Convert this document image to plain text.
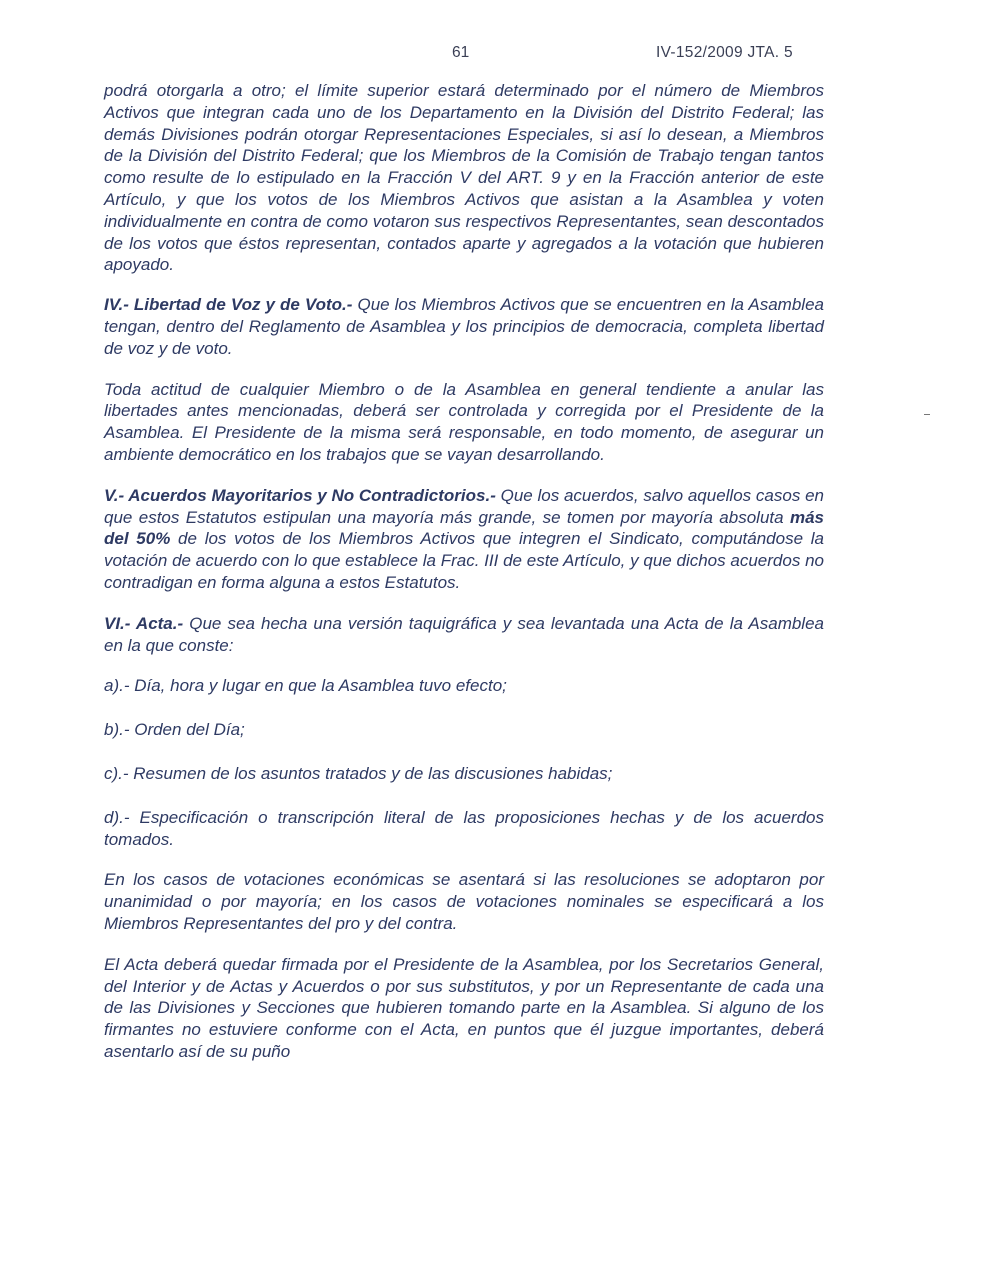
61	IV-152/2009 JTA. 5

podrá otorgarla a otro; el límite superior estará determinado por el número de Miembros Activos que integran cada uno de los Departamento en la División del Distrito Federal; las demás Divisiones podrán otorgar Representaciones Especiales, si así lo desean, a Miembros de la División del Distrito Federal; que los Miembros de la Comisión de Trabajo tengan tantos como resulte de lo estipulado en la Fracción V del ART. 9 y en la Fracción anterior de este Artículo, y que los votos de los Miembros Activos que asistan a la Asamblea y voten individualmente en contra de como votaron sus respectivos Representantes, sean descontados de los votos que éstos representan, contados aparte y agregados a la votación que hubieren apoyado.

IV.- Libertad de Voz y de Voto.- Que los Miembros Activos que se encuentren en la Asamblea tengan, dentro del Reglamento de Asamblea y los principios de democracia, completa libertad de voz y de voto.

Toda actitud de cualquier Miembro o de la Asamblea en general tendiente a anular las libertades antes mencionadas, deberá ser controlada y corregida por el Presidente de la Asamblea. El Presidente de la misma será responsable, en todo momento, de asegurar un ambiente democrático en los trabajos que se vayan desarrollando.

V.- Acuerdos Mayoritarios y No Contradictorios.- Que los acuerdos, salvo aquellos casos en que estos Estatutos estipulan una mayoría más grande, se tomen por mayoría absoluta más del 50% de los votos de los Miembros Activos que integren el Sindicato, computándose la votación de acuerdo con lo que establece la Frac. III de este Artículo, y que dichos acuerdos no contradigan en forma alguna a estos Estatutos.

VI.- Acta.- Que sea hecha una versión taquigráfica y sea levantada una Acta de la Asamblea en la que conste:

a).- Día, hora y lugar en que la Asamblea tuvo efecto;

b).- Orden del Día;

c).- Resumen de los asuntos tratados y de las discusiones habidas;

d).- Especificación o transcripción literal de las proposiciones hechas y de los acuerdos tomados.

En los casos de votaciones económicas se asentará si las resoluciones se adoptaron por unanimidad o por mayoría; en los casos de votaciones nominales se especificará a los Miembros Representantes del pro y del contra.

El Acta deberá quedar firmada por el Presidente de la Asamblea, por los Secretarios General, del Interior y de Actas y Acuerdos o por sus substitutos, y por un Representante de cada una de las Divisiones y Secciones que hubieren tomando parte en la Asamblea. Si alguno de los firmantes no estuviere conforme con el Acta, en puntos que él juzgue importantes, deberá asentarlo así de su puño
